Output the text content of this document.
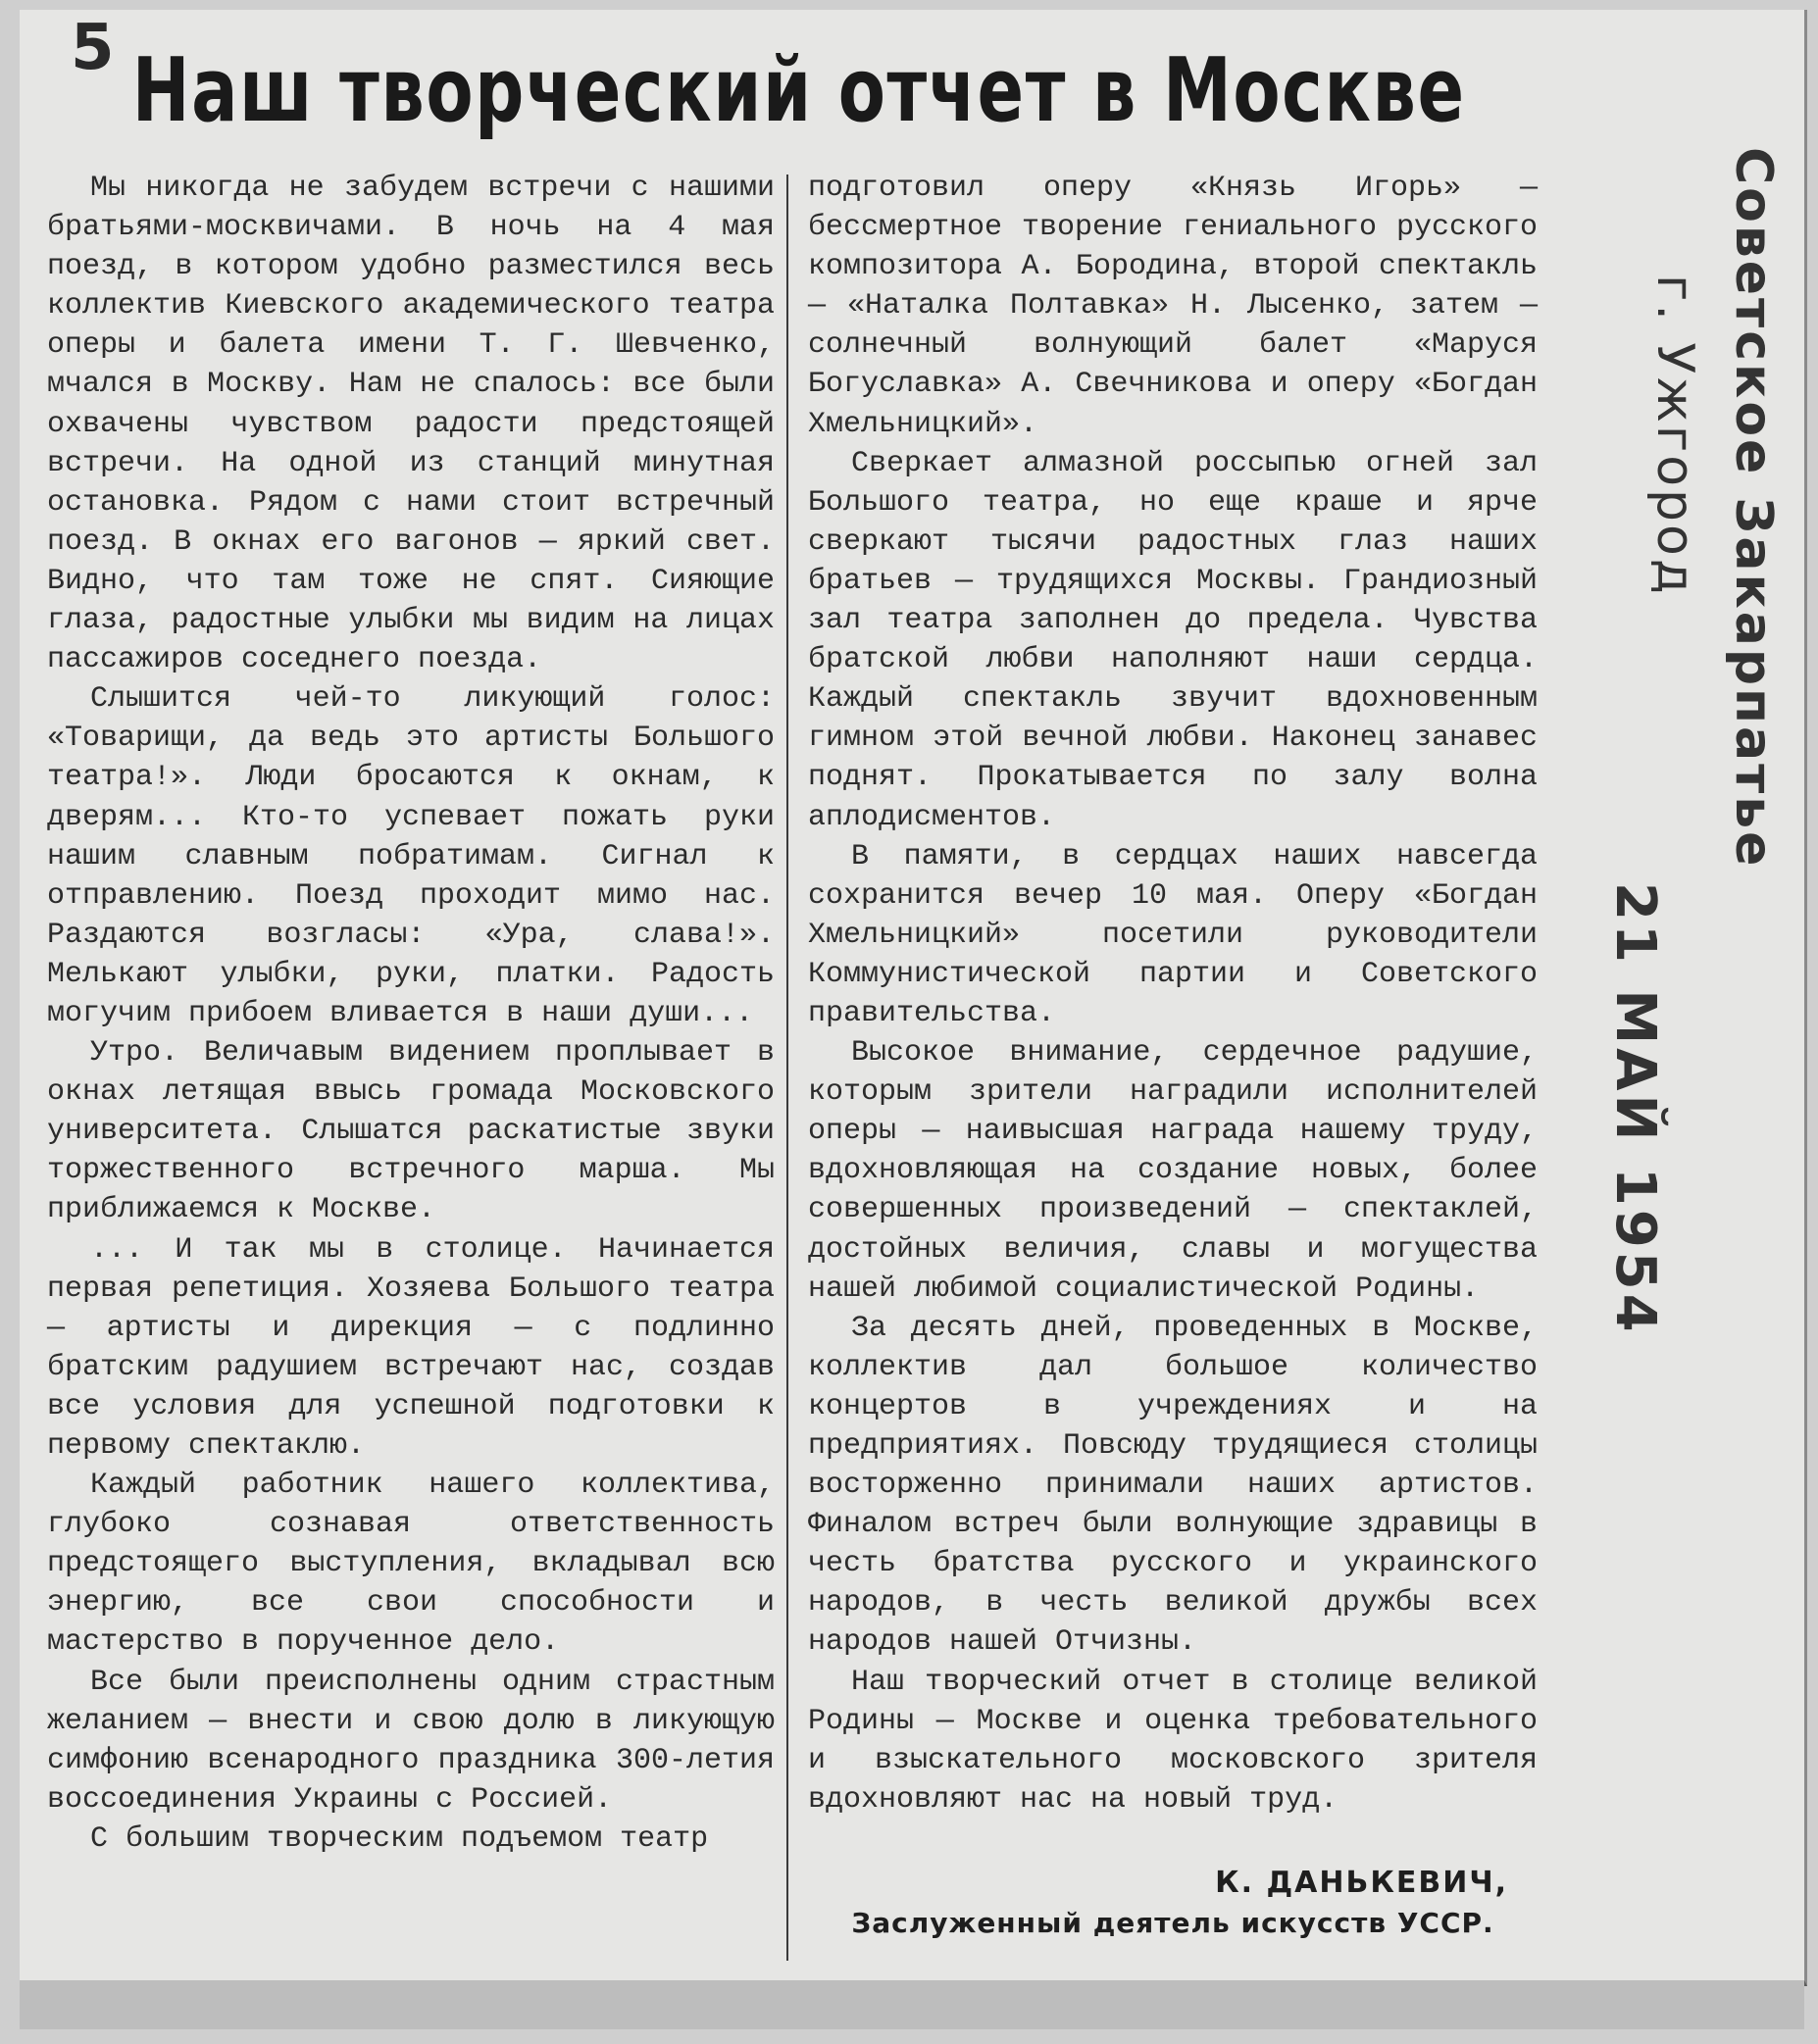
5 Наш творческий отчет в Москве

Мы никогда не забудем встречи с нашими братьями-москвичами. В ночь на 4 мая поезд, в котором удобно разместился весь коллектив Киевского академического театра оперы и балета имени Т. Г. Шевченко, мчался в Москву. Нам не спалось: все были охвачены чувством радости предстоящей встречи. На одной из станций минутная остановка. Рядом с нами стоит встречный поезд. В окнах его вагонов — яркий свет. Видно, что там тоже не спят. Сияющие глаза, радостные улыбки мы видим на лицах пассажиров соседнего поезда.

Слышится чей-то ликующий голос: «Товарищи, да ведь это артисты Большого театра!». Люди бросаются к окнам, к дверям... Кто-то успевает пожать руки нашим славным побратимам. Сигнал к отправлению. Поезд проходит мимо нас. Раздаются возгласы: «Ура, слава!». Мелькают улыбки, руки, платки. Радость могучим прибоем вливается в наши души...

Утро. Величавым видением проплывает в окнах летящая ввысь громада Московского университета. Слышатся раскатистые звуки торжественного встречного марша. Мы приближаемся к Москве.

... И так мы в столице. Начинается первая репетиция. Хозяева Большого театра — артисты и дирекция — с подлинно братским радушием встречают нас, создав все условия для успешной подготовки к первому спектаклю.

Каждый работник нашего коллектива, глубоко сознавая ответственность предстоящего выступления, вкладывал всю энергию, все свои способности и мастерство в порученное дело.

Все были преисполнены одним страстным желанием — внести и свою долю в ликующую симфонию всенародного праздника 300-летия воссоединения Украины с Россией.

С большим творческим подъемом театр

подготовил оперу «Князь Игорь» — бессмертное творение гениального русского композитора А. Бородина, второй спектакль — «Наталка Полтавка» Н. Лысенко, затем — солнечный волнующий балет «Маруся Богуславка» А. Свечникова и оперу «Богдан Хмельницкий».

Сверкает алмазной россыпью огней зал Большого театра, но еще краше и ярче сверкают тысячи радостных глаз наших братьев — трудящихся Москвы. Грандиозный зал театра заполнен до предела. Чувства братской любви наполняют наши сердца. Каждый спектакль звучит вдохновенным гимном этой вечной любви. Наконец занавес поднят. Прокатывается по залу волна аплодисментов.

В памяти, в сердцах наших навсегда сохранится вечер 10 мая. Оперу «Богдан Хмельницкий» посетили руководители Коммунистической партии и Советского правительства.

Высокое внимание, сердечное радушие, которым зрители наградили исполнителей оперы — наивысшая награда нашему труду, вдохновляющая на создание новых, более совершенных произведений — спектаклей, достойных величия, славы и могущества нашей любимой социалистической Родины.

За десять дней, проведенных в Москве, коллектив дал большое количество концертов в учреждениях и на предприятиях. Повсюду трудящиеся столицы восторженно принимали наших артистов. Финалом встреч были волнующие здравицы в честь братства русского и украинского народов, в честь великой дружбы всех народов нашей Отчизны.

Наш творческий отчет в столице великой Родины — Москве и оценка требовательного и взыскательного московского зрителя вдохновляют нас на новый труд.

К. ДАНЬКЕВИЧ,
Заслуженный деятель искусств УССР.
Советское Закарпатье
г. Ужгород
21 МАЙ 1954
